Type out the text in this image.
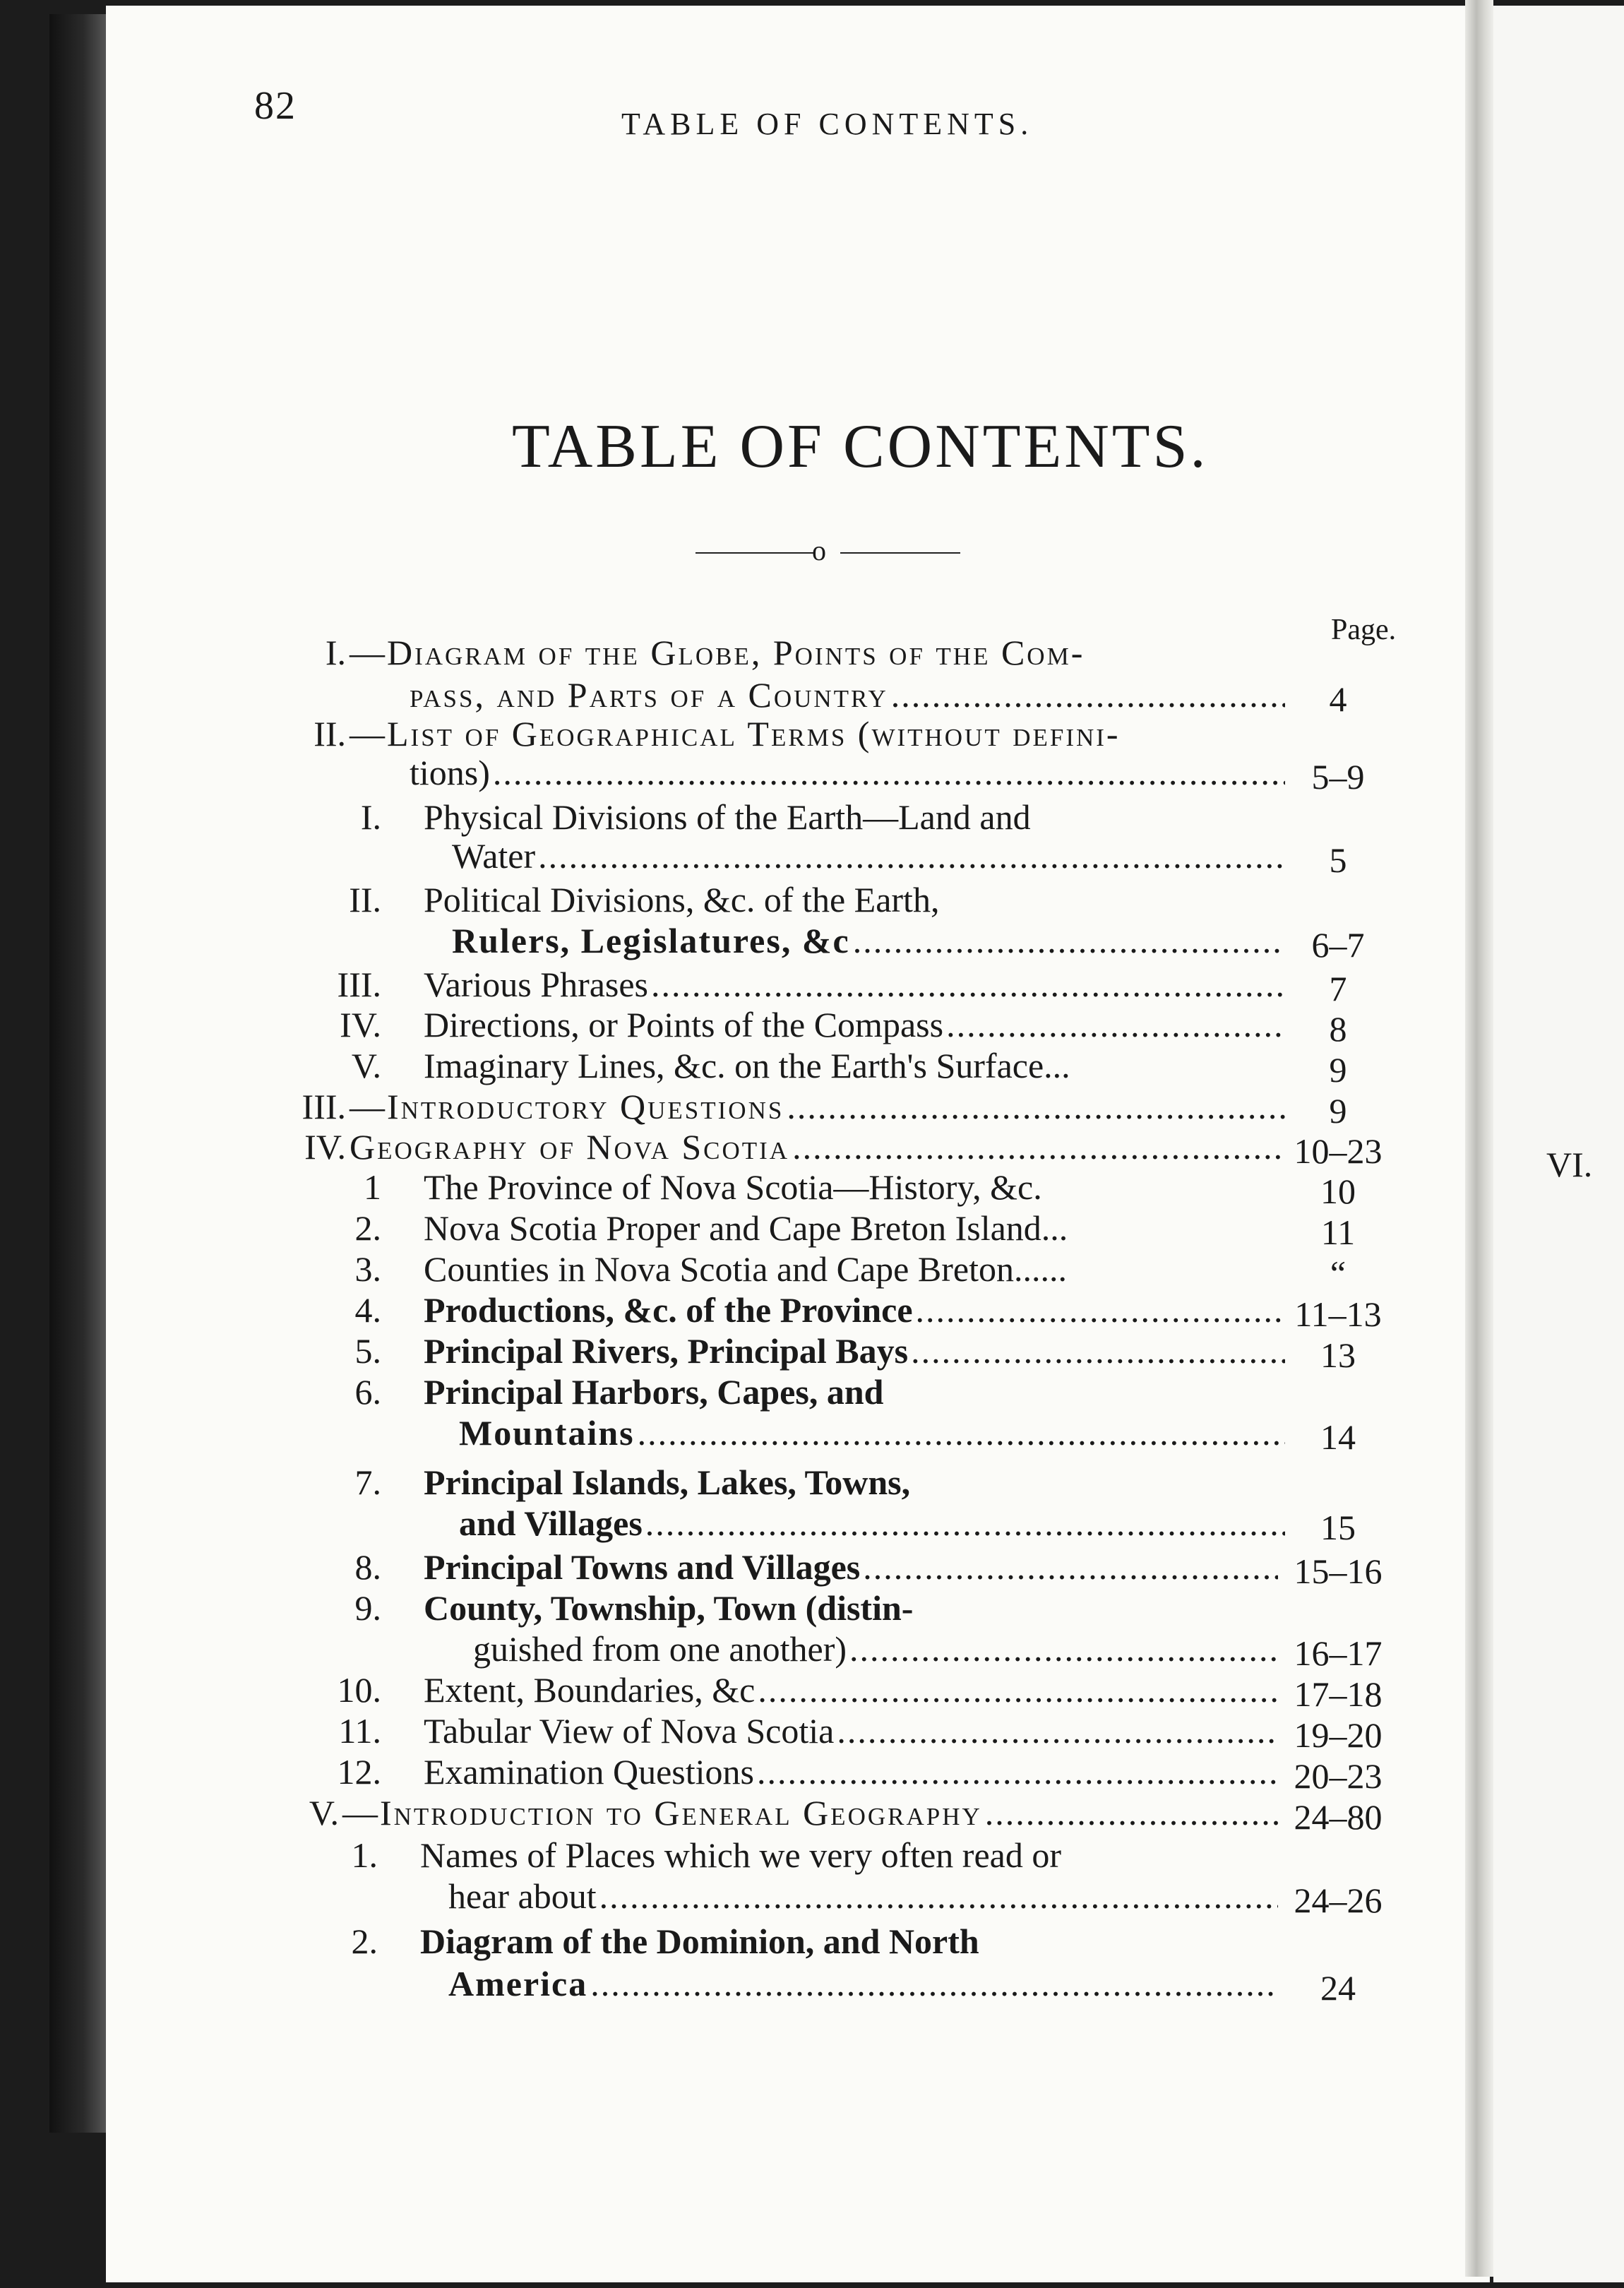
82	TABLE OF CONTENTS.
VI.
TABLE OF CONTENTS.
o
Page.
I. —Diagram of the Globe, Points of the Com-
pass, and Parts of a Country .....	4
II. —List of Geographical Terms (without defini-
tions) .....	5–9
I. Physical Divisions of the Earth—Land and
Water .....	5
II. Political Divisions, &c. of the Earth,
Rulers, Legislatures, &c .....	6–7
III. Various Phrases .....	7
IV. Directions, or Points of the Compass .....	8
V. Imaginary Lines, &c. on the Earth's Surface...	9
III. —Introductory Questions .....	9
IV. Geography of Nova Scotia .....	10–23
1 The Province of Nova Scotia—History, &c.	10
2. Nova Scotia Proper and Cape Breton Island...	11
3. Counties in Nova Scotia and Cape Breton......	“
4. Productions, &c. of the Province .....	11–13
5. Principal Rivers, Principal Bays .....	13
6. Principal Harbors, Capes, and
Mountains .....	14
7. Principal Islands, Lakes, Towns,
and Villages .....	15
8. Principal Towns and Villages .....	15–16
9. County, Township, Town (distin-
guished from one another) .....	16–17
10. Extent, Boundaries, &c .....	17–18
11. Tabular View of Nova Scotia .....	19–20
12. Examination Questions .....	20–23
V. —Introduction to General Geography .....	24–80
1. Names of Places which we very often read or
hear about .....	24–26
2. Diagram of the Dominion, and North
America .....	24
